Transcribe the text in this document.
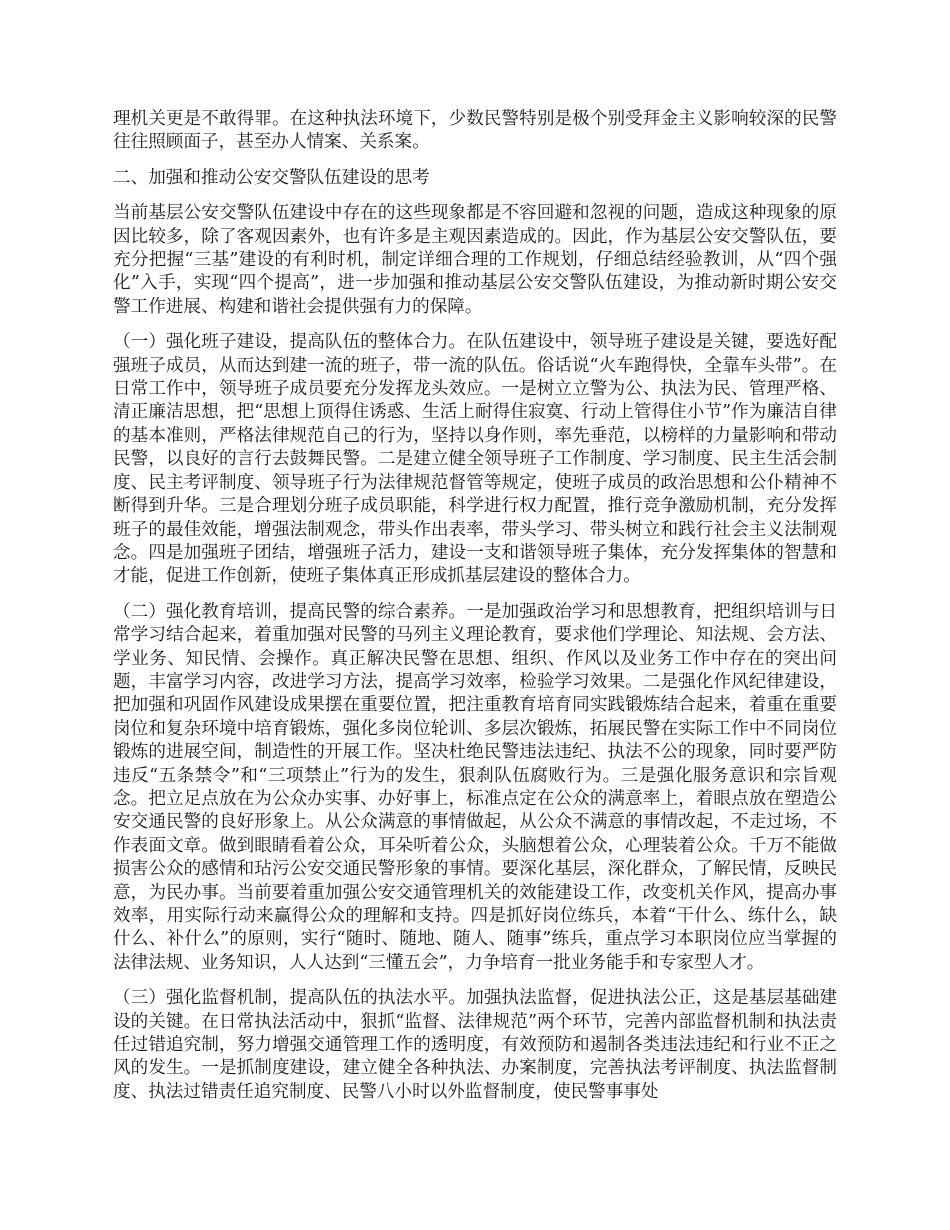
理机关更是不敢得罪。在这种执法环境下，少数民警特别是极个别受拜金主义影响较深的民警往往照顾面子，甚至办人情案、关系案。

二、加强和推动公安交警队伍建设的思考

当前基层公安交警队伍建设中存在的这些现象都是不容回避和忽视的问题，造成这种现象的原因比较多，除了客观因素外，也有许多是主观因素造成的。因此，作为基层公安交警队伍，要充分把握“三基”建设的有利时机，制定详细合理的工作规划，仔细总结经验教训，从“四个强化”入手，实现“四个提高”，进一步加强和推动基层公安交警队伍建设，为推动新时期公安交警工作进展、构建和谐社会提供强有力的保障。

（一）强化班子建设，提高队伍的整体合力。在队伍建设中，领导班子建设是关键，要选好配强班子成员，从而达到建一流的班子，带一流的队伍。俗话说“火车跑得快，全靠车头带”。在日常工作中，领导班子成员要充分发挥龙头效应。一是树立立警为公、执法为民、管理严格、清正廉洁思想，把“思想上顶得住诱惑、生活上耐得住寂寞、行动上管得住小节”作为廉洁自律的基本准则，严格法律规范自己的行为，坚持以身作则，率先垂范，以榜样的力量影响和带动民警，以良好的言行去鼓舞民警。二是建立健全领导班子工作制度、学习制度、民主生活会制度、民主考评制度、领导班子行为法律规范督管等规定，使班子成员的政治思想和公仆精神不断得到升华。三是合理划分班子成员职能，科学进行权力配置，推行竞争激励机制，充分发挥班子的最佳效能，增强法制观念，带头作出表率，带头学习、带头树立和践行社会主义法制观念。四是加强班子团结，增强班子活力，建设一支和谐领导班子集体，充分发挥集体的智慧和才能，促进工作创新，使班子集体真正形成抓基层建设的整体合力。

（二）强化教育培训，提高民警的综合素养。一是加强政治学习和思想教育，把组织培训与日常学习结合起来，着重加强对民警的马列主义理论教育，要求他们学理论、知法规、会方法、学业务、知民情、会操作。真正解决民警在思想、组织、作风以及业务工作中存在的突出问题，丰富学习内容，改进学习方法，提高学习效率，检验学习效果。二是强化作风纪律建设，把加强和巩固作风建设成果摆在重要位置，把注重教育培育同实践锻炼结合起来，着重在重要岗位和复杂环境中培育锻炼，强化多岗位轮训、多层次锻炼，拓展民警在实际工作中不同岗位锻炼的进展空间，制造性的开展工作。坚决杜绝民警违法违纪、执法不公的现象，同时要严防违反“五条禁令”和“三项禁止”行为的发生，狠刹队伍腐败行为。三是强化服务意识和宗旨观念。把立足点放在为公众办实事、办好事上，标准点定在公众的满意率上，着眼点放在塑造公安交通民警的良好形象上。从公众满意的事情做起，从公众不满意的事情改起，不走过场，不作表面文章。做到眼睛看着公众，耳朵听着公众，头脑想着公众，心理装着公众。千万不能做损害公众的感情和玷污公安交通民警形象的事情。要深化基层，深化群众，了解民情，反映民意，为民办事。当前要着重加强公安交通管理机关的效能建设工作，改变机关作风，提高办事效率，用实际行动来赢得公众的理解和支持。四是抓好岗位练兵，本着“干什么、练什么，缺什么、补什么”的原则，实行“随时、随地、随人、随事”练兵，重点学习本职岗位应当掌握的法律法规、业务知识，人人达到“三懂五会”，力争培育一批业务能手和专家型人才。

（三）强化监督机制，提高队伍的执法水平。加强执法监督，促进执法公正，这是基层基础建设的关键。在日常执法活动中，狠抓“监督、法律规范”两个环节，完善内部监督机制和执法责任过错追究制，努力增强交通管理工作的透明度，有效预防和遏制各类违法违纪和行业不正之风的发生。一是抓制度建设，建立健全各种执法、办案制度，完善执法考评制度、执法监督制度、执法过错责任追究制度、民警八小时以外监督制度，使民警事事处
